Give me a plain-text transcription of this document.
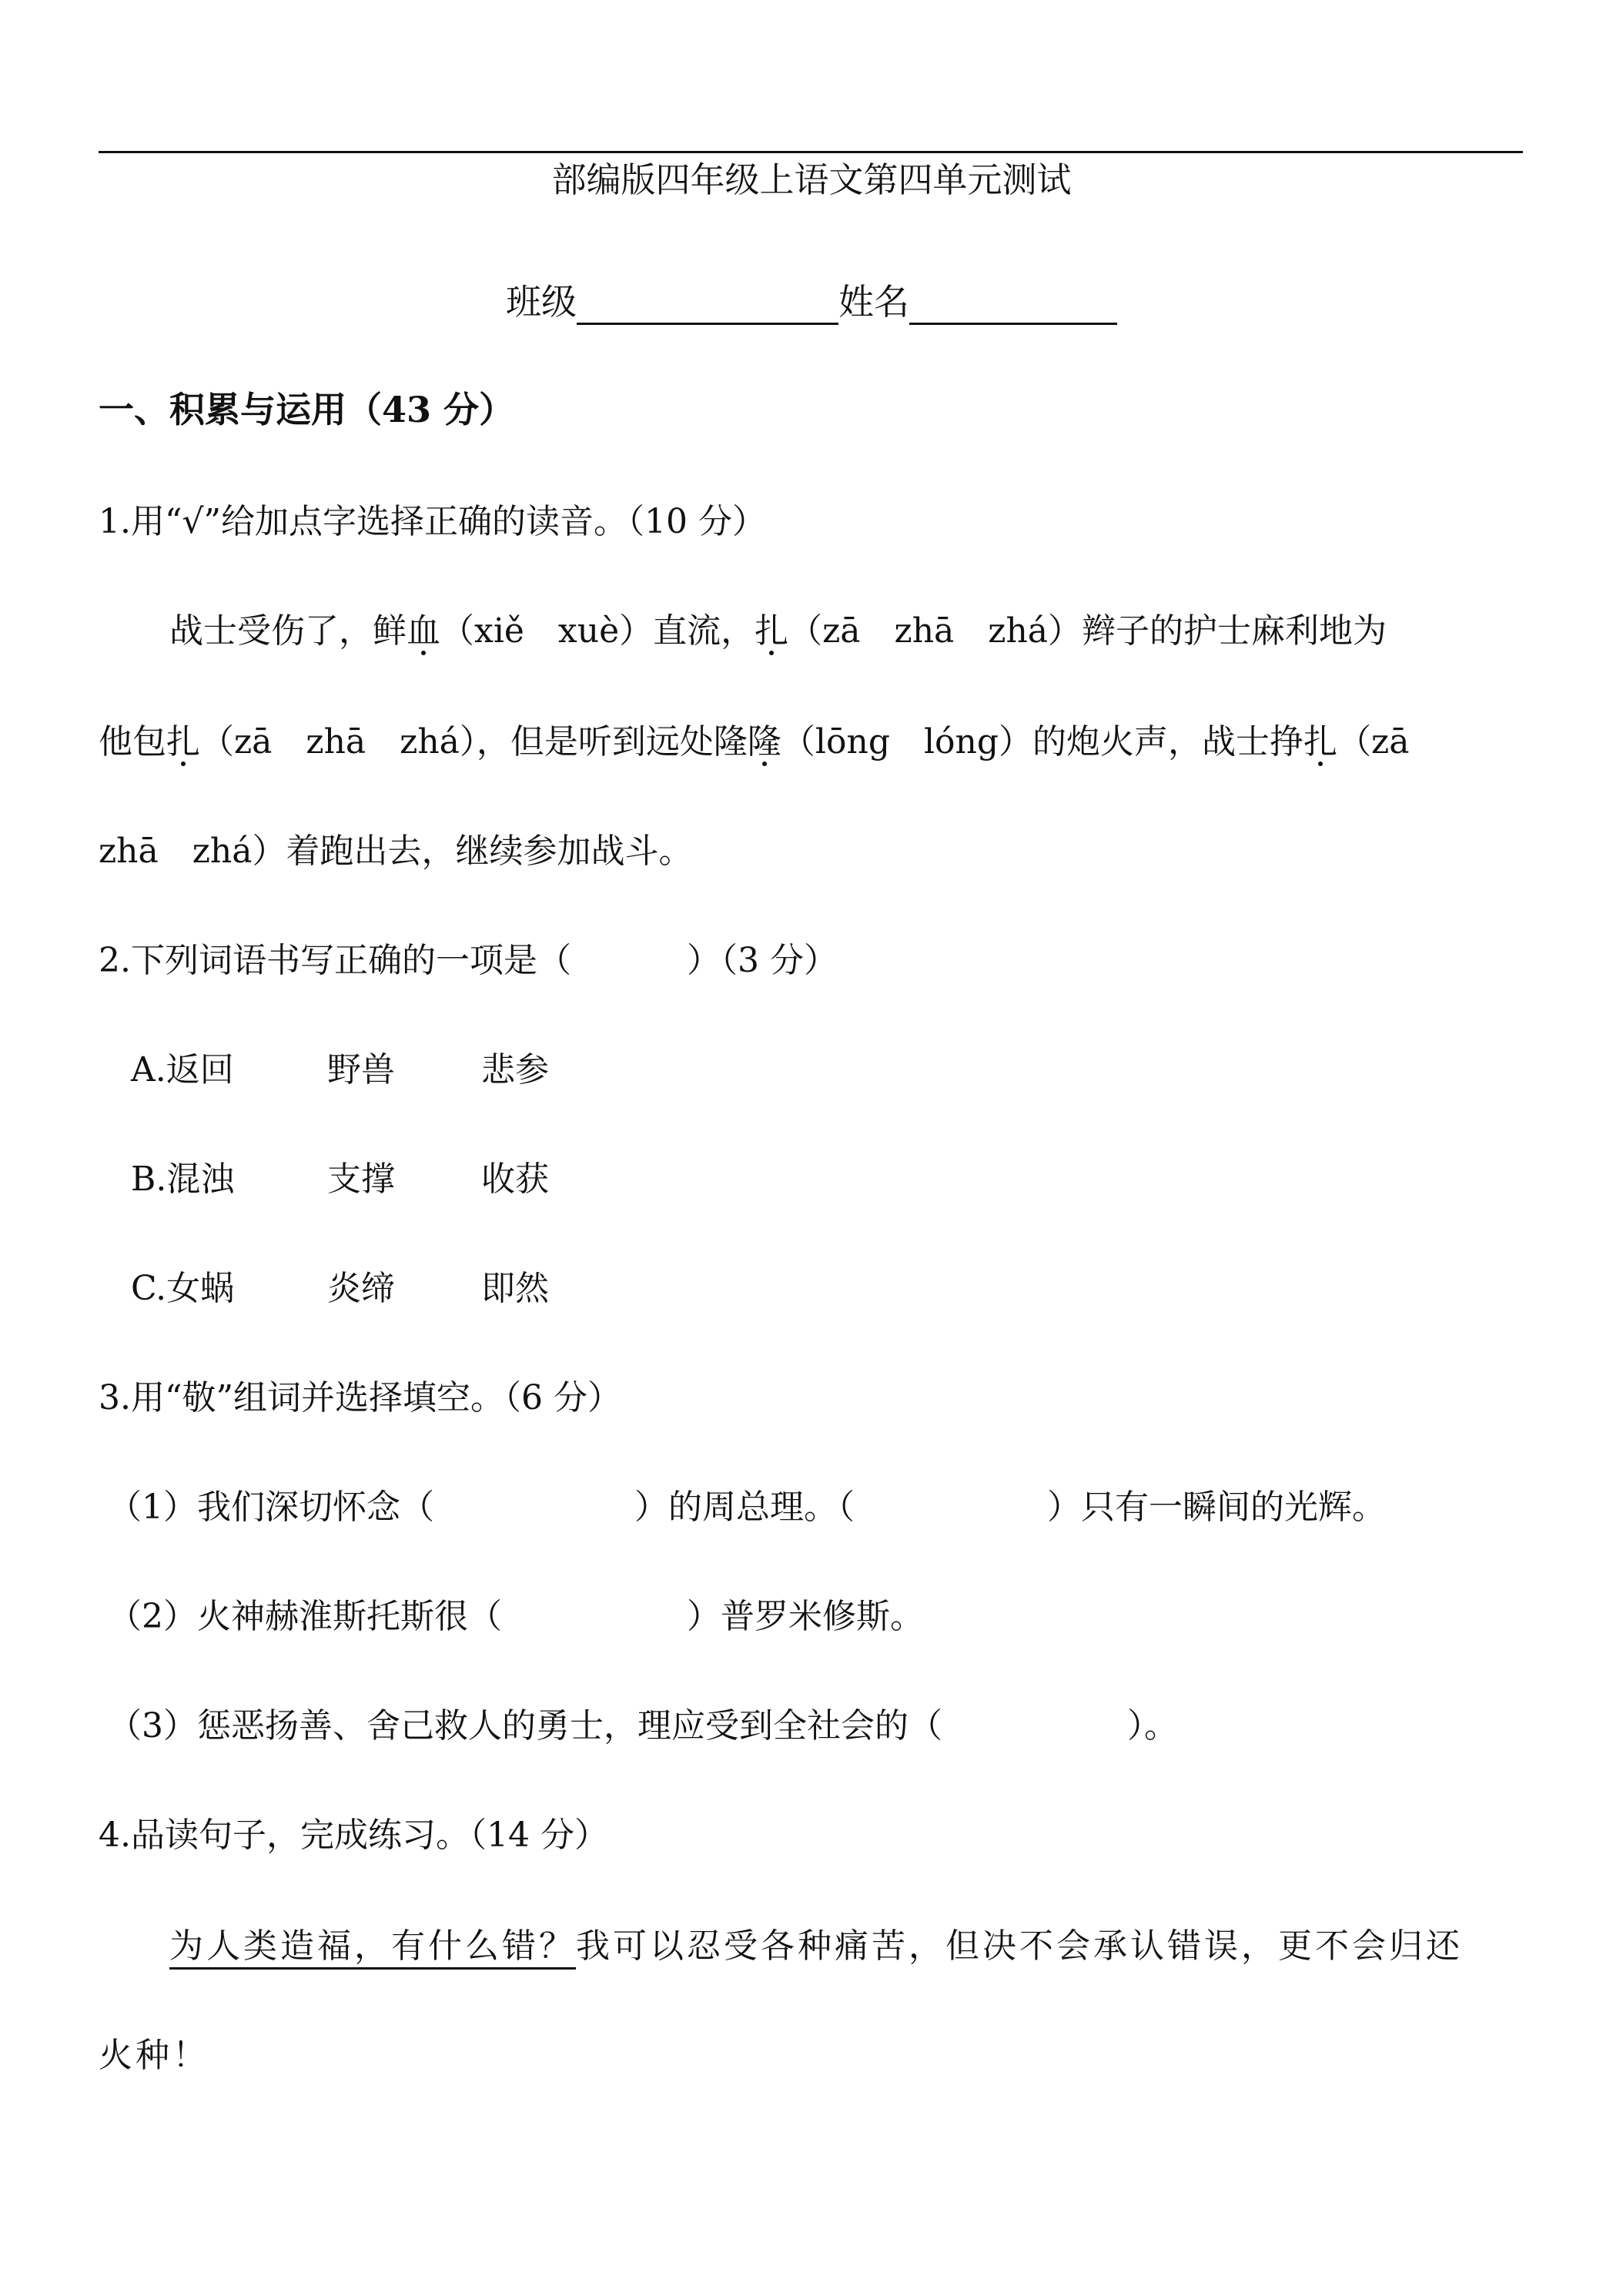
部编版四年级上语文第四单元测试
班级	姓名
一、积累与运用（43 分）
1.用“√”给加点字选择正确的读音。（10 分）
战士受伤了，鲜血（xiě　xuè）直流，扎（zā　zhā　zhá）辫子的护士麻利地为
他包扎（zā　zhā　zhá），但是听到远处隆隆（lōng　lóng）的炮火声，战士挣扎（zā
zhā　zhá）着跑出去，继续参加战斗。
2.下列词语书写正确的一项是（	）（3 分）
A.返回	野兽	悲参
B.混浊	支撑	收获
C.女蜗	炎缔	即然
3.用“敬”组词并选择填空。（6 分）
（1）我们深切怀念（	）的周总理。（	）只有一瞬间的光辉。
（2）火神赫淮斯托斯很（	）普罗米修斯。
（3）惩恶扬善、舍己救人的勇士，理应受到全社会的（	）。
4.品读句子，完成练习。（14 分）
为人类造福，有什么错？我可以忍受各种痛苦，但决不会承认错误，更不会归还
火种！
